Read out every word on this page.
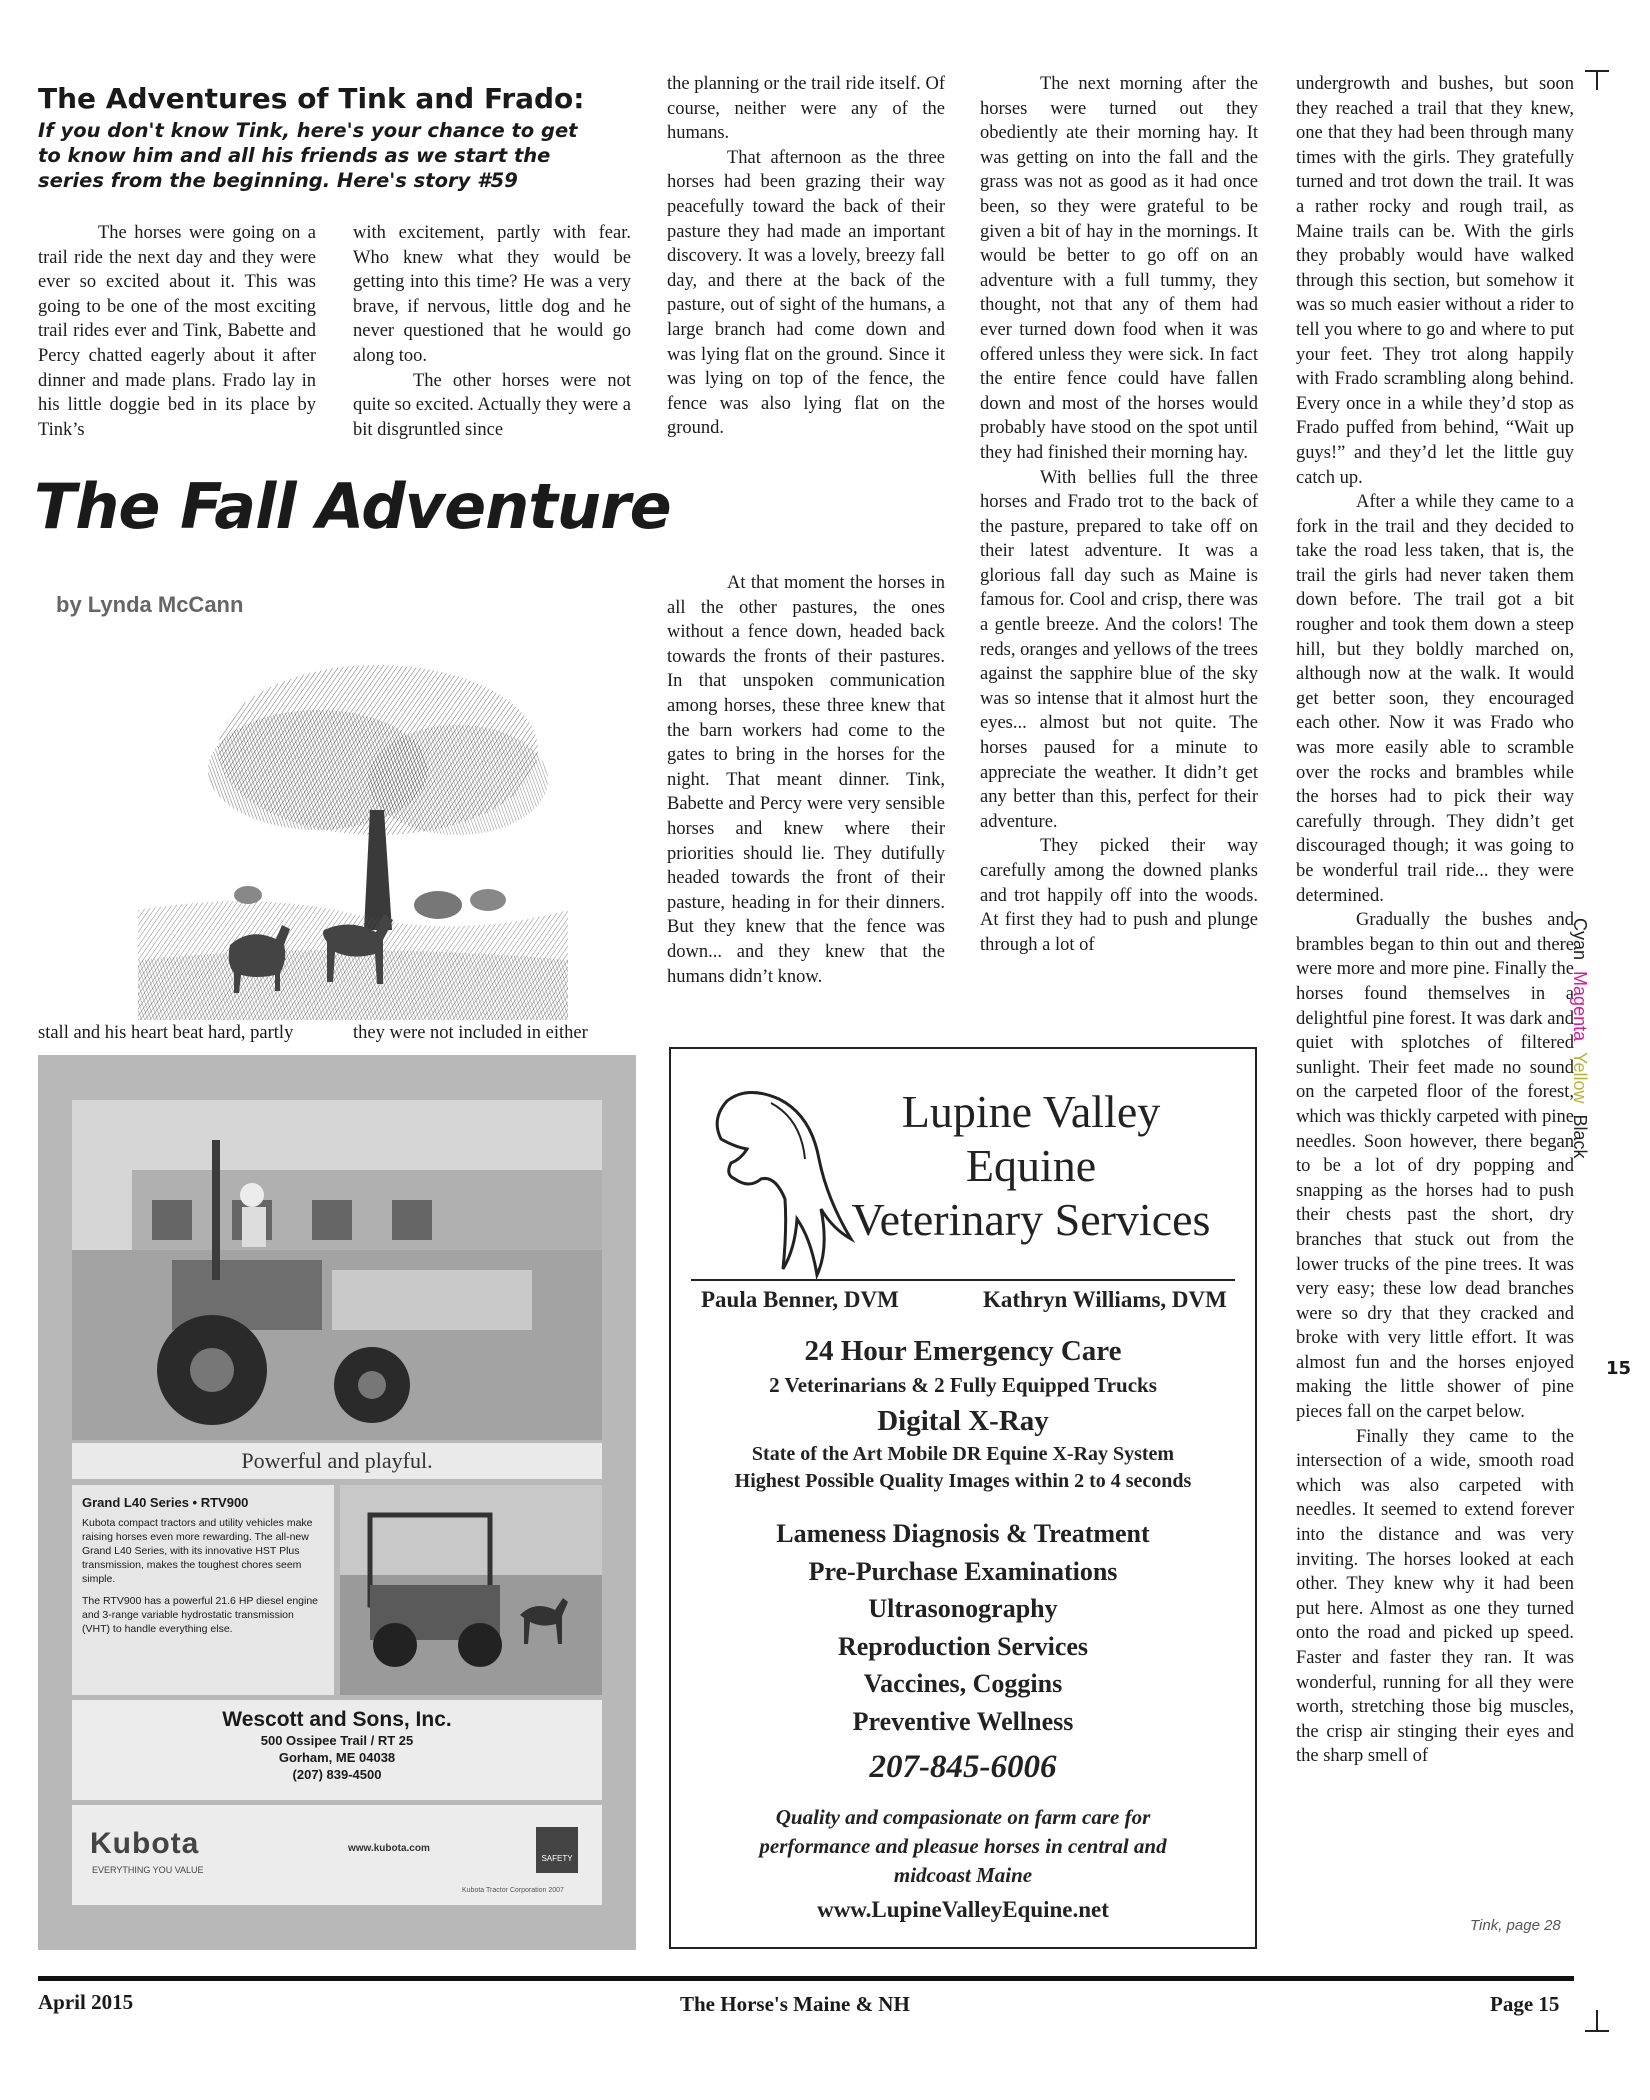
The Adventures of Tink and Frado:
If you don't know Tink, here's your chance to get
to know him and all his friends as we start the
series from the beginning. Here's story #59

The horses were going on a trail ride the next day and they were ever so excited about it. This was going to be one of the most exciting trail rides ever and Tink, Babette and Percy chatted eagerly about it after dinner and made plans. Frado lay in his little doggie bed in its place by Tink’s

with excitement, partly with fear. Who knew what they would be getting into this time? He was a very brave, if nervous, little dog and he never questioned that he would go along too.

The other horses were not quite so excited. Actually they were a bit disgruntled since

The Fall Adventure
by Lynda McCann

stall and his heart beat hard, partly	they were not included in either

the planning or the trail ride itself. Of course, neither were any of the humans.

That afternoon as the three horses had been grazing their way peacefully toward the back of their pasture they had made an important discovery. It was a lovely, breezy fall day, and there at the back of the pasture, out of sight of the humans, a large branch had come down and was lying flat on the ground. Since it was lying on top of the fence, the fence was also lying flat on the ground.

At that moment the horses in all the other pastures, the ones without a fence down, headed back towards the fronts of their pastures. In that unspoken communication among horses, these three knew that the barn workers had come to the gates to bring in the horses for the night. That meant dinner. Tink, Babette and Percy were very sensible horses and knew where their priorities should lie. They dutifully headed towards the front of their pasture, heading in for their dinners. But they knew that the fence was down... and they knew that the humans didn’t know.

The next morning after the horses were turned out they obediently ate their morning hay. It was getting on into the fall and the grass was not as good as it had once been, so they were grateful to be given a bit of hay in the mornings. It would be better to go off on an adventure with a full tummy, they thought, not that any of them had ever turned down food when it was offered unless they were sick. In fact the entire fence could have fallen down and most of the horses would probably have stood on the spot until they had finished their morning hay.

With bellies full the three horses and Frado trot to the back of the pasture, prepared to take off on their latest adventure. It was a glorious fall day such as Maine is famous for. Cool and crisp, there was a gentle breeze. And the colors! The reds, oranges and yellows of the trees against the sapphire blue of the sky was so intense that it almost hurt the eyes... almost but not quite. The horses paused for a minute to appreciate the weather. It didn’t get any better than this, perfect for their adventure.

They picked their way carefully among the downed planks and trot happily off into the woods. At first they had to push and plunge through a lot of

undergrowth and bushes, but soon they reached a trail that they knew, one that they had been through many times with the girls. They gratefully turned and trot down the trail. It was a rather rocky and rough trail, as Maine trails can be. With the girls they probably would have walked through this section, but somehow it was so much easier without a rider to tell you where to go and where to put your feet. They trot along happily with Frado scrambling along behind. Every once in a while they’d stop as Frado puffed from behind, “Wait up guys!” and they’d let the little guy catch up.

After a while they came to a fork in the trail and they decided to take the road less taken, that is, the trail the girls had never taken them down before. The trail got a bit rougher and took them down a steep hill, but they boldly marched on, although now at the walk. It would get better soon, they encouraged each other. Now it was Frado who was more easily able to scramble over the rocks and brambles while the horses had to pick their way carefully through. They didn’t get discouraged though; it was going to be wonderful trail ride... they were determined.

Gradually the bushes and brambles began to thin out and there were more and more pine. Finally the horses found themselves in a delightful pine forest. It was dark and quiet with splotches of filtered sunlight. Their feet made no sound on the carpeted floor of the forest, which was thickly carpeted with pine needles. Soon however, there began to be a lot of dry popping and snapping as the horses had to push their chests past the short, dry branches that stuck out from the lower trucks of the pine trees. It was very easy; these low dead branches were so dry that they cracked and broke with very little effort. It was almost fun and the horses enjoyed making the little shower of pine pieces fall on the carpet below.

Finally they came to the intersection of a wide, smooth road which was also carpeted with needles. It seemed to extend forever into the distance and was very inviting. The horses looked at each other. They knew why it had been put here. Almost as one they turned onto the road and picked up speed. Faster and faster they ran. It was wonderful, running for all they were worth, stretching those big muscles, the crisp air stinging their eyes and the sharp smell of

Tink, page 28
Powerful and playful.
Grand L40 Series • RTV900
Kubota compact tractors and utility vehicles make raising horses even more rewarding. The all-new Grand L40 Series, with its innovative HST Plus transmission, makes the toughest chores seem simple.
The RTV900 has a powerful 21.6 HP diesel engine and 3-range variable hydrostatic transmission (VHT) to handle everything else.
Wescott and Sons, Inc.
500 Ossipee Trail / RT 25
Gorham, ME 04038
(207) 839-4500
Kubota
EVERYTHING YOU VALUE
www.kubota.com
SAFETY
Kubota Tractor Corporation 2007
Lupine Valley
Equine
Veterinary Services
Paula Benner, DVM	Kathryn Williams, DVM
24 Hour Emergency Care
2 Veterinarians & 2 Fully Equipped Trucks
Digital X-Ray
State of the Art Mobile DR Equine X-Ray System
Highest Possible Quality Images within 2 to 4 seconds
Lameness Diagnosis & Treatment
Pre-Purchase Examinations
Ultrasonography
Reproduction Services
Vaccines, Coggins
Preventive Wellness
207-845-6006
Quality and compasionate on farm care for
performance and pleasue horses in central and
midcoast Maine
www.LupineValleyEquine.net
Cyan Magenta Yellow Black
15
April 2015	The Horse's Maine & NH	Page 15
